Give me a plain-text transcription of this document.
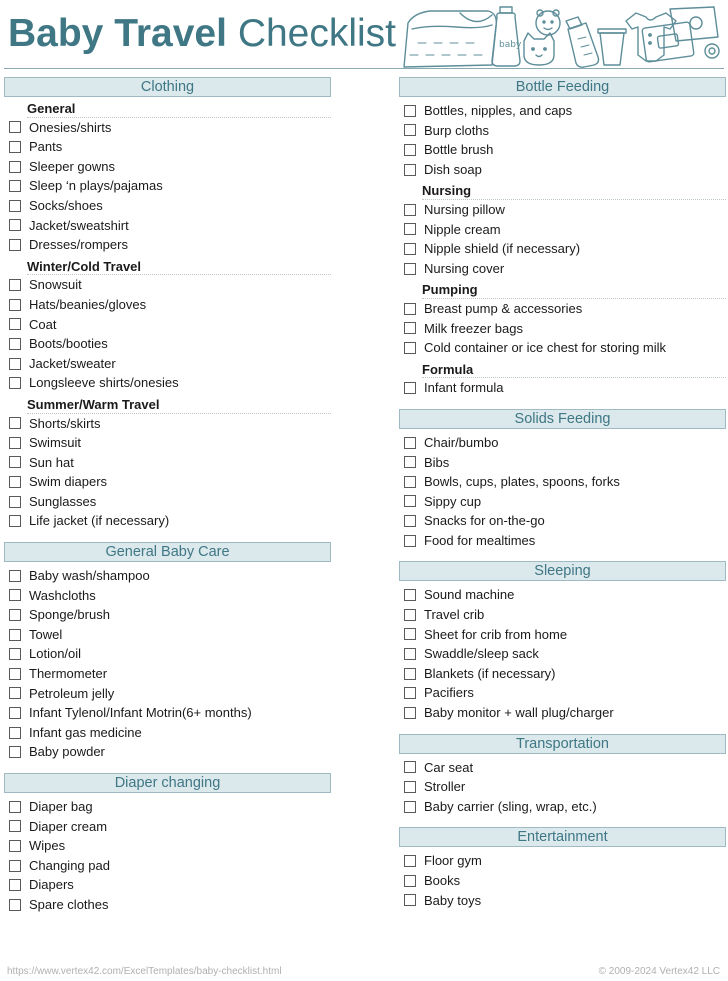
Baby Travel Checklist	baby
Clothing
General
Onesies/shirts
Pants
Sleeper gowns
Sleep ‘n plays/pajamas
Socks/shoes
Jacket/sweatshirt
Dresses/rompers
Winter/Cold Travel
Snowsuit
Hats/beanies/gloves
Coat
Boots/booties
Jacket/sweater
Longsleeve shirts/onesies
Summer/Warm Travel
Shorts/skirts
Swimsuit
Sun hat
Swim diapers
Sunglasses
Life jacket (if necessary)
General Baby Care
Baby wash/shampoo
Washcloths
Sponge/brush
Towel
Lotion/oil
Thermometer
Petroleum jelly
Infant Tylenol/Infant Motrin(6+ months)
Infant gas medicine
Baby powder
Diaper changing
Diaper bag
Diaper cream
Wipes
Changing pad
Diapers
Spare clothes
Bottle Feeding
Bottles, nipples, and caps
Burp cloths
Bottle brush
Dish soap
Nursing
Nursing pillow
Nipple cream
Nipple shield (if necessary)
Nursing cover
Pumping
Breast pump & accessories
Milk freezer bags
Cold container or ice chest for storing milk
Formula
Infant formula
Solids Feeding
Chair/bumbo
Bibs
Bowls, cups, plates, spoons, forks
Sippy cup
Snacks for on-the-go
Food for mealtimes
Sleeping
Sound machine
Travel crib
Sheet for crib from home
Swaddle/sleep sack
Blankets (if necessary)
Pacifiers
Baby monitor + wall plug/charger
Transportation
Car seat
Stroller
Baby carrier (sling, wrap, etc.)
Entertainment
Floor gym
Books
Baby toys
https://www.vertex42.com/ExcelTemplates/baby-checklist.html	© 2009-2024 Vertex42 LLC
